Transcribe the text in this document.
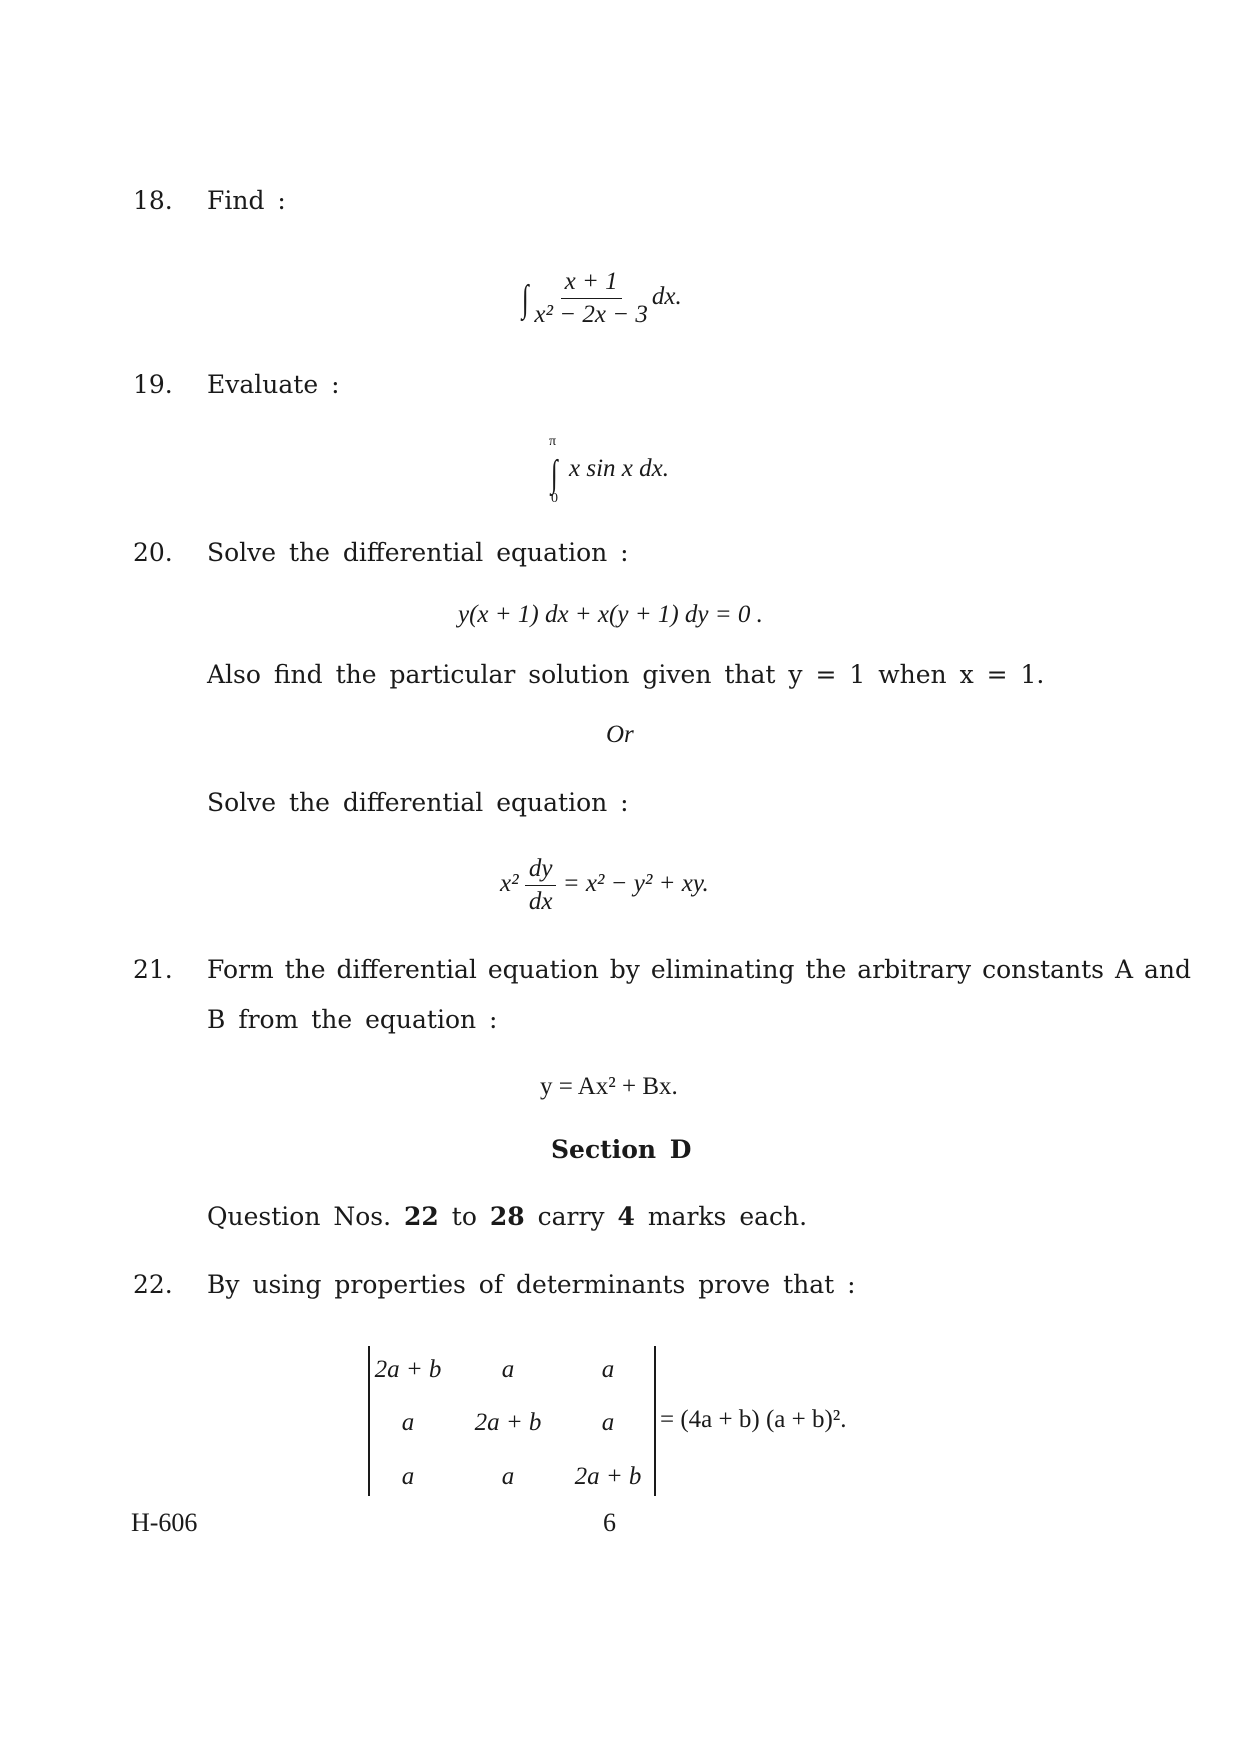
18. Find :
∫ $\frac{x + 1}{\text{x² − 2x − 3}}$ dx.
19. Evaluate :
π
∫
0
x sin x dx.
20. Solve the differential equation :
y(x + 1) dx + x(y + 1) dy = 0 .
Also find the particular solution given that y = 1 when x = 1.
Or
Solve the differential equation :
$x^2 \frac{dy}{dx} = x^2 - y^2$ + xy.
21. Form the differential equation by eliminating the arbitrary constants A and
B from the equation :
y = Ax² + Bx.
Section D
Question Nos. 22 to 28 carry 4 marks each.
22. By using properties of determinants prove that :
2a + b	a	a
a	2a + b	a
a	a	2a + b
= (4a + b) (a + b)².
H-606	6
